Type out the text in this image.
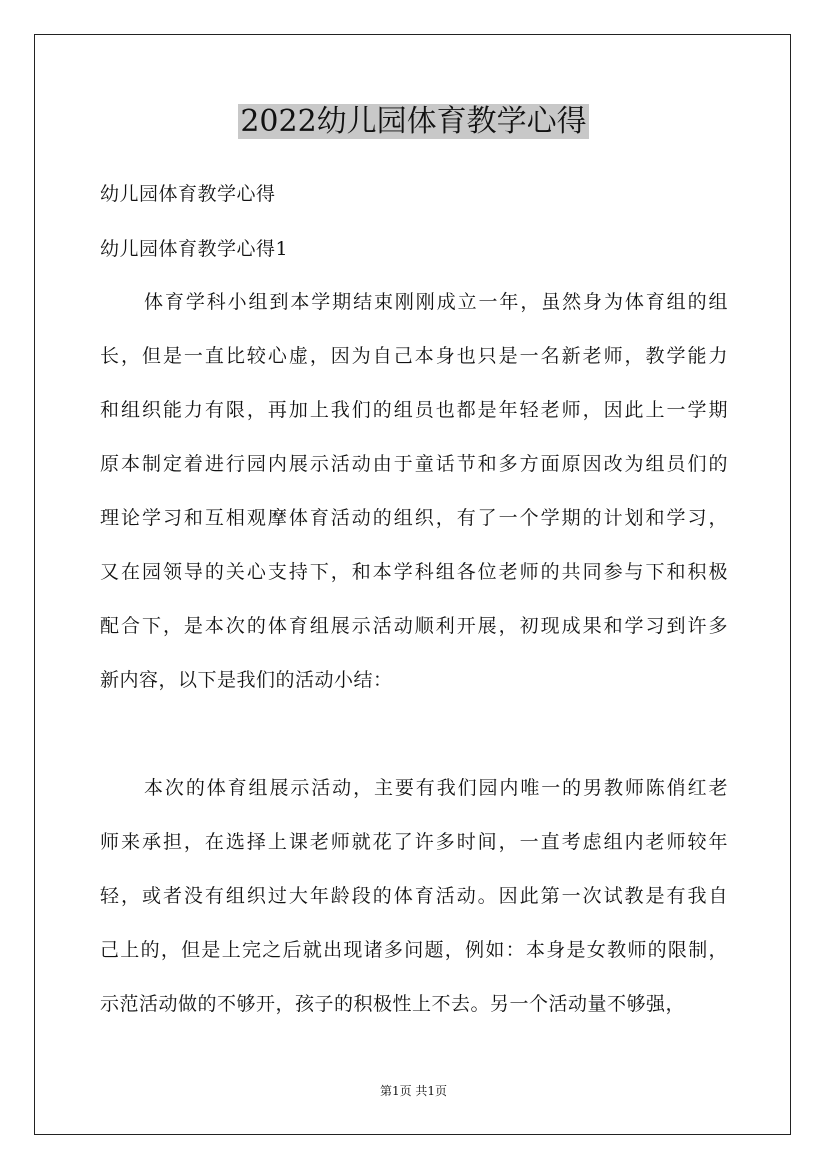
2022幼儿园体育教学心得

幼儿园体育教学心得

幼儿园体育教学心得1

体育学科小组到本学期结束刚刚成立一年，虽然身为体育组的组

长，但是一直比较心虚，因为自己本身也只是一名新老师，教学能力

和组织能力有限，再加上我们的组员也都是年轻老师，因此上一学期

原本制定着进行园内展示活动由于童话节和多方面原因改为组员们的

理论学习和互相观摩体育活动的组织，有了一个学期的计划和学习，

又在园领导的关心支持下，和本学科组各位老师的共同参与下和积极

配合下，是本次的体育组展示活动顺利开展，初现成果和学习到许多

新内容，以下是我们的活动小结：

本次的体育组展示活动，主要有我们园内唯一的男教师陈俏红老

师来承担，在选择上课老师就花了许多时间，一直考虑组内老师较年

轻，或者没有组织过大年龄段的体育活动。因此第一次试教是有我自

己上的，但是上完之后就出现诸多问题，例如：本身是女教师的限制，

示范活动做的不够开，孩子的积极性上不去。另一个活动量不够强，

第1页 共1页
